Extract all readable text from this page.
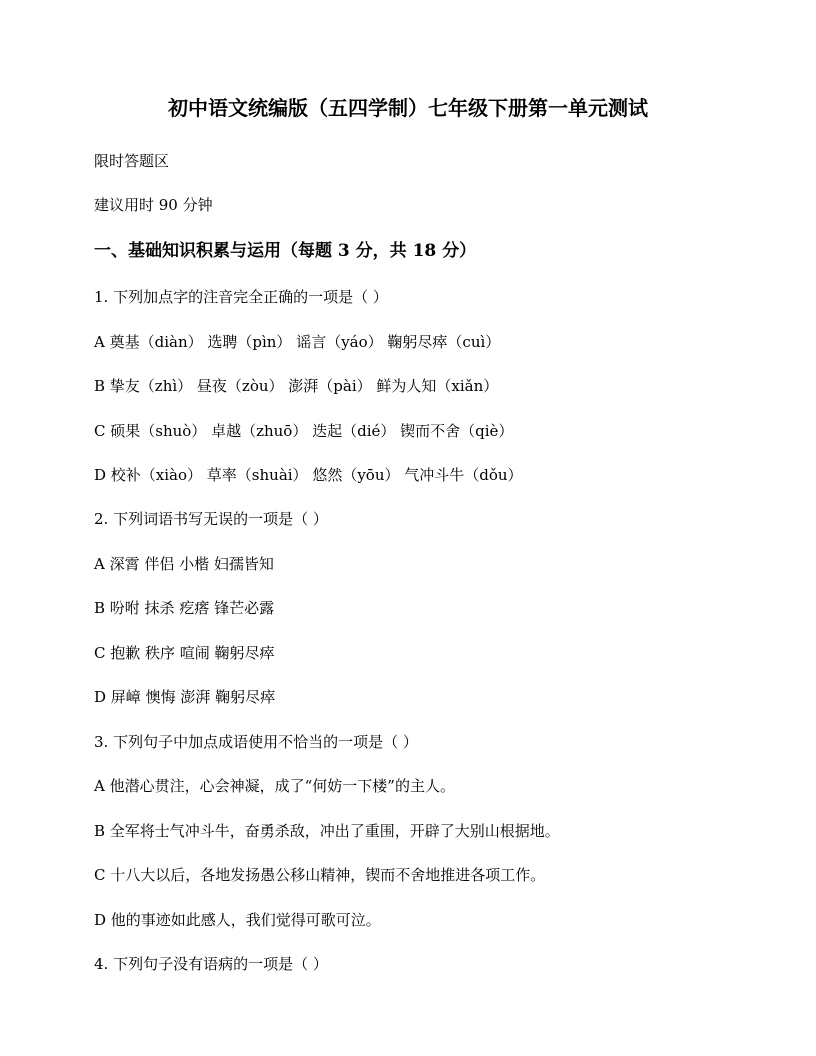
初中语文统编版（五四学制）七年级下册第一单元测试
限时答题区
建议用时 90 分钟
一、基础知识积累与运用（每题 3 分，共 18 分）
1. 下列加点字的注音完全正确的一项是（ ）
A 奠基（diàn） 选聘（pìn） 谣言（yáo） 鞠躬尽瘁（cuì）
B 挚友（zhì） 昼夜（zòu） 澎湃（pài） 鲜为人知（xiǎn）
C 硕果（shuò） 卓越（zhuō） 迭起（dié） 锲而不舍（qiè）
D 校补（xiào） 草率（shuài） 悠然（yōu） 气冲斗牛（dǒu）
2. 下列词语书写无误的一项是（ ）
A 深霄 伴侣 小楷 妇孺皆知
B 吩咐 抹杀 疙瘩 锋芒必露
C 抱歉 秩序 喧闹 鞠躬尽瘁
D 屏嶂 懊悔 澎湃 鞠躬尽瘁
3. 下列句子中加点成语使用不恰当的一项是（ ）
A 他潜心贯注，心会神凝，成了“何妨一下楼”的主人。
B 全军将士气冲斗牛，奋勇杀敌，冲出了重围，开辟了大别山根据地。
C 十八大以后，各地发扬愚公移山精神，锲而不舍地推进各项工作。
D 他的事迹如此感人，我们觉得可歌可泣。
4. 下列句子没有语病的一项是（ ）
